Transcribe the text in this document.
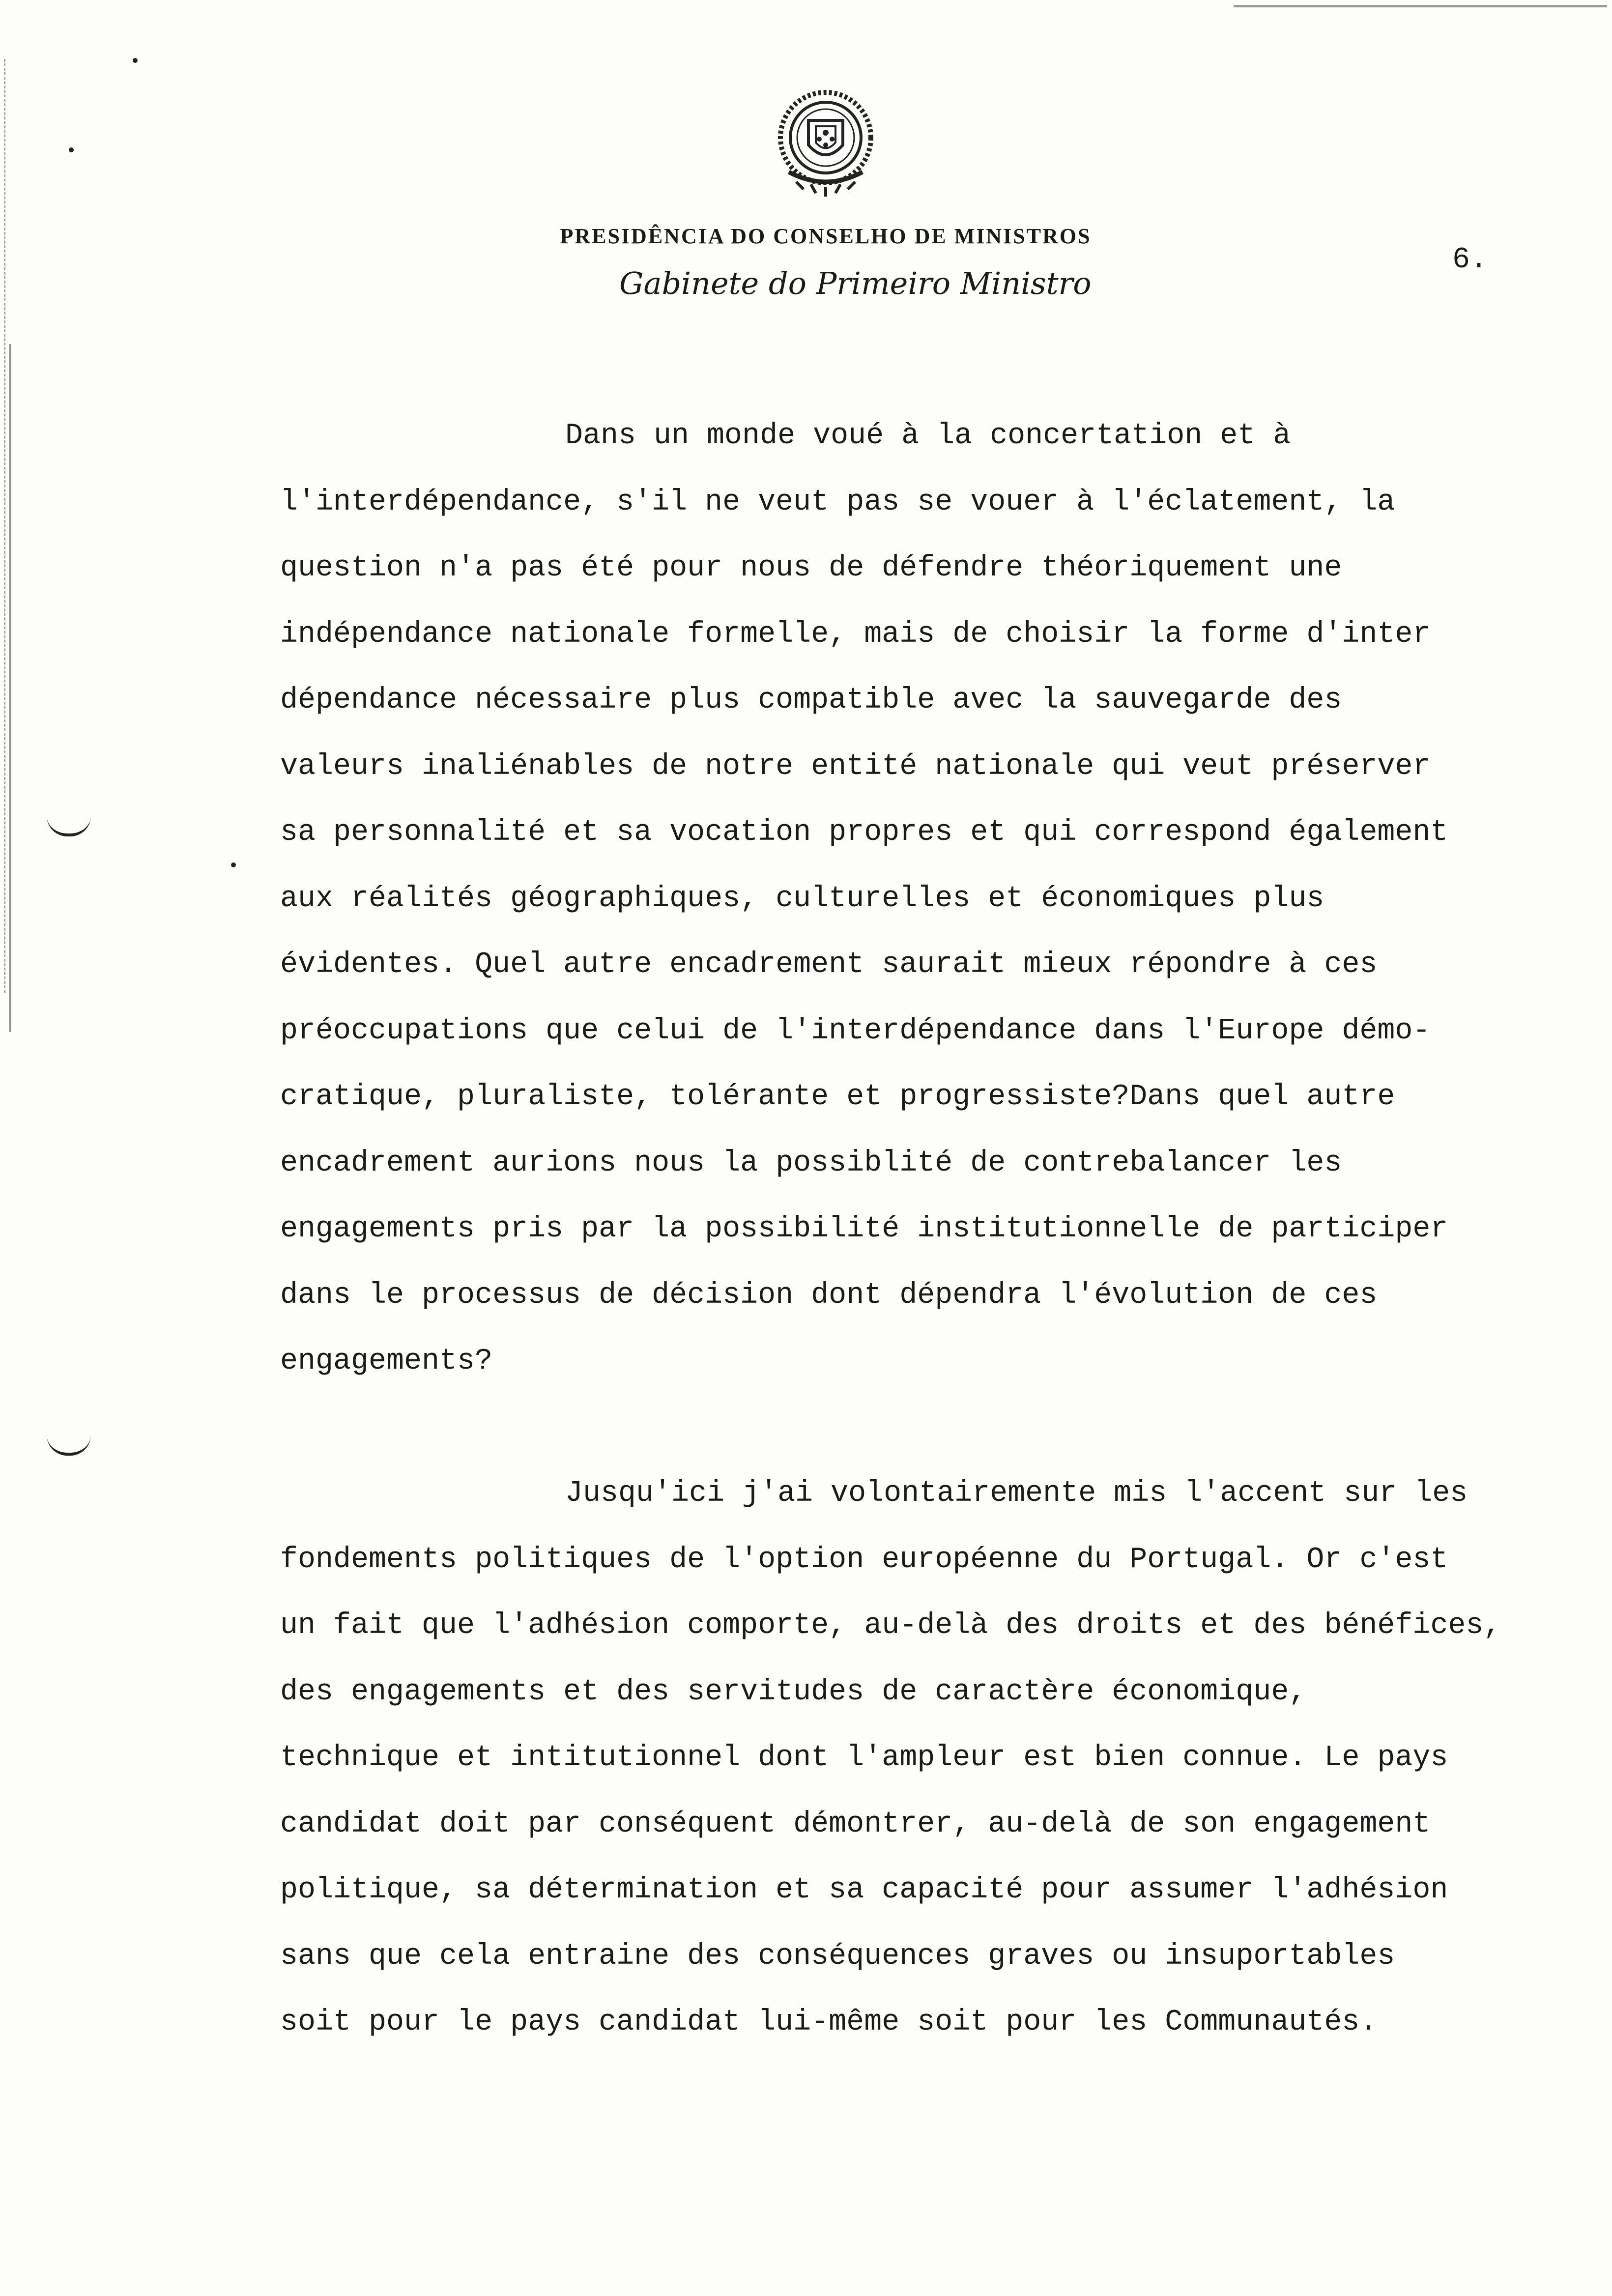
PRESIDÊNCIA DO CONSELHO DE MINISTROS
Gabinete do Primeiro Ministro
6.
Dans un monde voué à la concertation et à
l'interdépendance, s'il ne veut pas se vouer à l'éclatement, la
question n'a pas été pour nous de défendre théoriquement une
indépendance nationale formelle, mais de choisir la forme d'inter
dépendance nécessaire plus compatible avec la sauvegarde des
valeurs inaliénables de notre entité nationale qui veut préserver
sa personnalité et sa vocation propres et qui correspond également
aux réalités géographiques, culturelles et économiques plus
évidentes. Quel autre encadrement saurait mieux répondre à ces
préoccupations que celui de l'interdépendance dans l'Europe démo-
cratique, pluraliste, tolérante et progressiste?Dans quel autre
encadrement aurions nous la possiblité de contrebalancer les
engagements pris par la possibilité institutionnelle de participer
dans le processus de décision dont dépendra l'évolution de ces
engagements?
Jusqu'ici j'ai volontairemente mis l'accent sur les
fondements politiques de l'option européenne du Portugal. Or c'est
un fait que l'adhésion comporte, au-delà des droits et des bénéfices,
des engagements et des servitudes de caractère économique,
technique et intitutionnel dont l'ampleur est bien connue. Le pays
candidat doit par conséquent démontrer, au-delà de son engagement
politique, sa détermination et sa capacité pour assumer l'adhésion
sans que cela entraine des conséquences graves ou insuportables
soit pour le pays candidat lui-même soit pour les Communautés.
